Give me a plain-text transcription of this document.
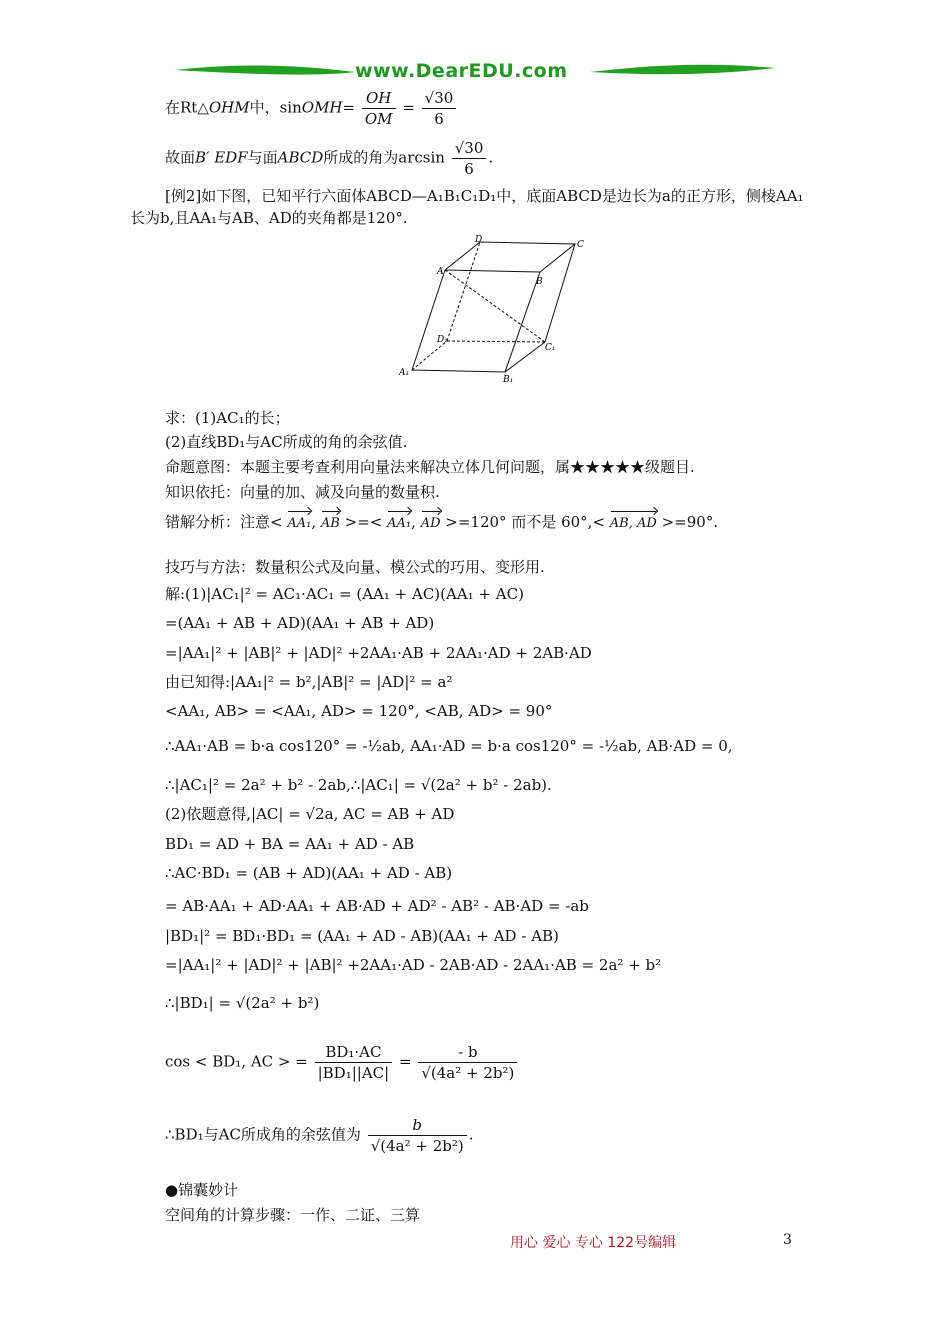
www.DearEDU.com
在Rt△OHM中，sinOMH= $\frac{OH}{OM} = \frac{√30}{6}$
故面B′ EDF与面ABCD所成的角为$\arcsin \frac{√30}{6}$ .
[例2]如下图，已知平行六面体ABCD—A₁B₁C₁D₁中，底面ABCD是边长为a的正方形，侧棱AA₁
长为b,且AA₁与AB、AD的夹角都是120°.
A
D	C
B
D₁
C₁
A₁
B₁
求：(1)AC₁的长；
(2)直线BD₁与AC所成的角的余弦值.
命题意图：本题主要考查利用向量法来解决立体几何问题，属★★★★★级题目.
知识依托：向量的加、减及向量的数量积.
错解分析：注意< AA₁, AB >=< AA₁, AD >=120° 而不是 60°,< AB, AD >=90°.
技巧与方法：数量积公式及向量、模公式的巧用、变形用.
解:(1)|AC₁|² = AC₁·AC₁ = (AA₁ + AC)(AA₁ + AC)
=(AA₁ + AB + AD)(AA₁ + AB + AD)
=|AA₁|² + |AB|² + |AD|² +2AA₁·AB + 2AA₁·AD + 2AB·AD
由已知得:|AA₁|² = b²,|AB|² = |AD|² = a²
<AA₁, AB> = <AA₁, AD> = 120°, <AB, AD> = 90°
∴AA₁·AB = b·a cos120° = -½ab, AA₁·AD = b·a cos120° = -½ab, AB·AD = 0,
∴|AC₁|² = 2a² + b² - 2ab,∴|AC₁| = √(2a² + b² - 2ab).
(2)依题意得,|AC| = √2a, AC = AB + AD
BD₁ = AD + BA = AA₁ + AD - AB
∴AC·BD₁ = (AB + AD)(AA₁ + AD - AB)
= AB·AA₁ + AD·AA₁ + AB·AD + AD² - AB² - AB·AD = -ab
|BD₁|² = BD₁·BD₁ = (AA₁ + AD - AB)(AA₁ + AD - AB)
=|AA₁|² + |AD|² + |AB|² +2AA₁·AD - 2AB·AD - 2AA₁·AB = 2a² + b²
∴|BD₁| = √(2a² + b²)
cos < BD₁, AC > = $\frac{\text{BD₁·AC}}{\text{|BD₁||AC|}} = \frac{- b}{\text{√(4a² + 2b²)}}$
∴BD₁与AC所成角的余弦值为 $\frac{b}{\text{√(4a² + 2b²)}}$ .
●锦囊妙计
空间角的计算步骤：一作、二证、三算
用心 爱心 专心 122号编辑	3
